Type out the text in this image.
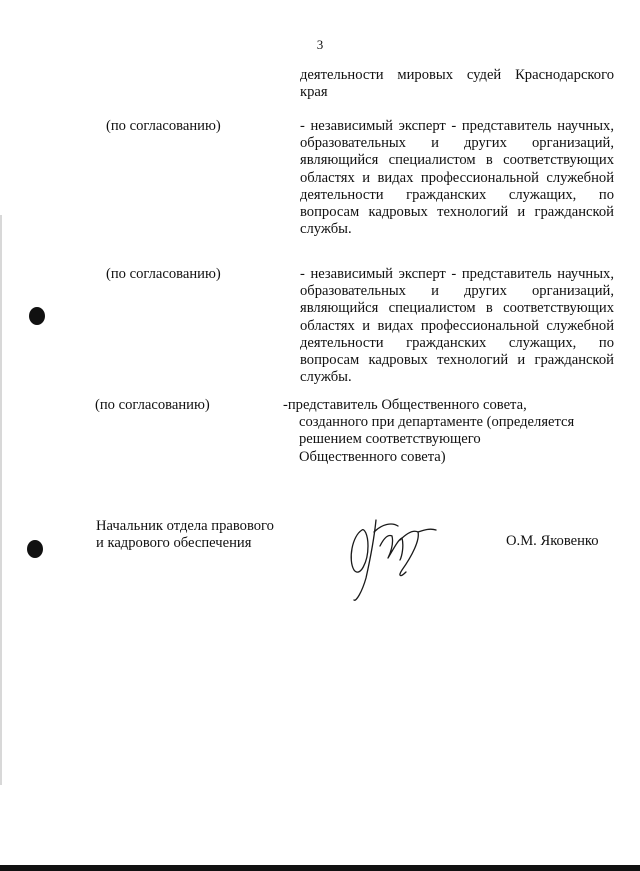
3
деятельности мировых судей Краснодарского
края
(по согласованию)	- независимый эксперт - представитель научных,
образовательных и других организаций,
являющийся специалистом в соответствующих
областях и видах профессиональной служебной
деятельности гражданских служащих, по
вопросам кадровых технологий и гражданской
службы.
(по согласованию)	- независимый эксперт - представитель научных,
образовательных и других организаций,
являющийся специалистом в соответствующих
областях и видах профессиональной служебной
деятельности гражданских служащих, по
вопросам кадровых технологий и гражданской
службы.
(по согласованию)	-представитель Общественного совета,
созданного при департаменте (определяется
решением соответствующего
Общественного совета)
Начальник отдела правового
и кадрового обеспечения	О.М. Яковенко
